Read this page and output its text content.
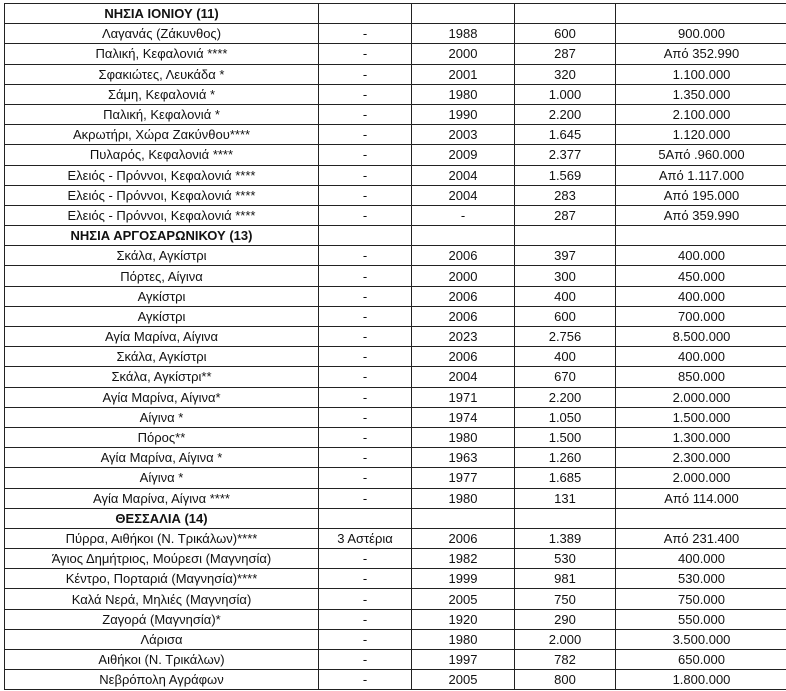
ΝΗΣΙΑ ΙΟΝΙΟΥ (11)				
Λαγανάς (Ζάκυνθος)	-	1988	600	900.000
Παλική, Κεφαλονιά ****	-	2000	287	Από 352.990
Σφακιώτες, Λευκάδα *	-	2001	320	1.100.000
Σάμη, Κεφαλονιά *	-	1980	1.000	1.350.000
Παλική, Κεφαλονιά *	-	1990	2.200	2.100.000
Ακρωτήρι, Χώρα Ζακύνθου****	-	2003	1.645	1.120.000
Πυλαρός, Κεφαλονιά ****	-	2009	2.377	5Από .960.000
Ελειός - Πρόννοι, Κεφαλονιά ****	-	2004	1.569	Από 1.117.000
Ελειός - Πρόννοι, Κεφαλονιά ****	-	2004	283	Από 195.000
Ελειός - Πρόννοι, Κεφαλονιά ****	-	-	287	Από 359.990
ΝΗΣΙΑ ΑΡΓΟΣΑΡΩΝΙΚΟΥ (13)				
Σκάλα, Αγκίστρι	-	2006	397	400.000
Πόρτες, Αίγινα	-	2000	300	450.000
Αγκίστρι	-	2006	400	400.000
Αγκίστρι	-	2006	600	700.000
Αγία Μαρίνα, Αίγινα	-	2023	2.756	8.500.000
Σκάλα, Αγκίστρι	-	2006	400	400.000
Σκάλα, Αγκίστρι**	-	2004	670	850.000
Αγία Μαρίνα, Αίγινα*	-	1971	2.200	2.000.000
Αίγινα *	-	1974	1.050	1.500.000
Πόρος**	-	1980	1.500	1.300.000
Αγία Μαρίνα, Αίγινα *	-	1963	1.260	2.300.000
Αίγινα *	-	1977	1.685	2.000.000
Αγία Μαρίνα, Αίγινα ****	-	1980	131	Από 114.000
ΘΕΣΣΑΛΙΑ (14)				
Πύρρα, Αιθήκοι (Ν. Τρικάλων)****	3 Αστέρια	2006	1.389	Από 231.400
Άγιος Δημήτριος, Μούρεσι (Μαγνησία)	-	1982	530	400.000
Κέντρο, Πορταριά (Μαγνησία)****	-	1999	981	530.000
Καλά Νερά, Μηλιές (Μαγνησία)	-	2005	750	750.000
Ζαγορά (Μαγνησία)*	-	1920	290	550.000
Λάρισα	-	1980	2.000	3.500.000
Αιθήκοι (Ν. Τρικάλων)	-	1997	782	650.000
Νεβρόπολη Αγράφων	-	2005	800	1.800.000
